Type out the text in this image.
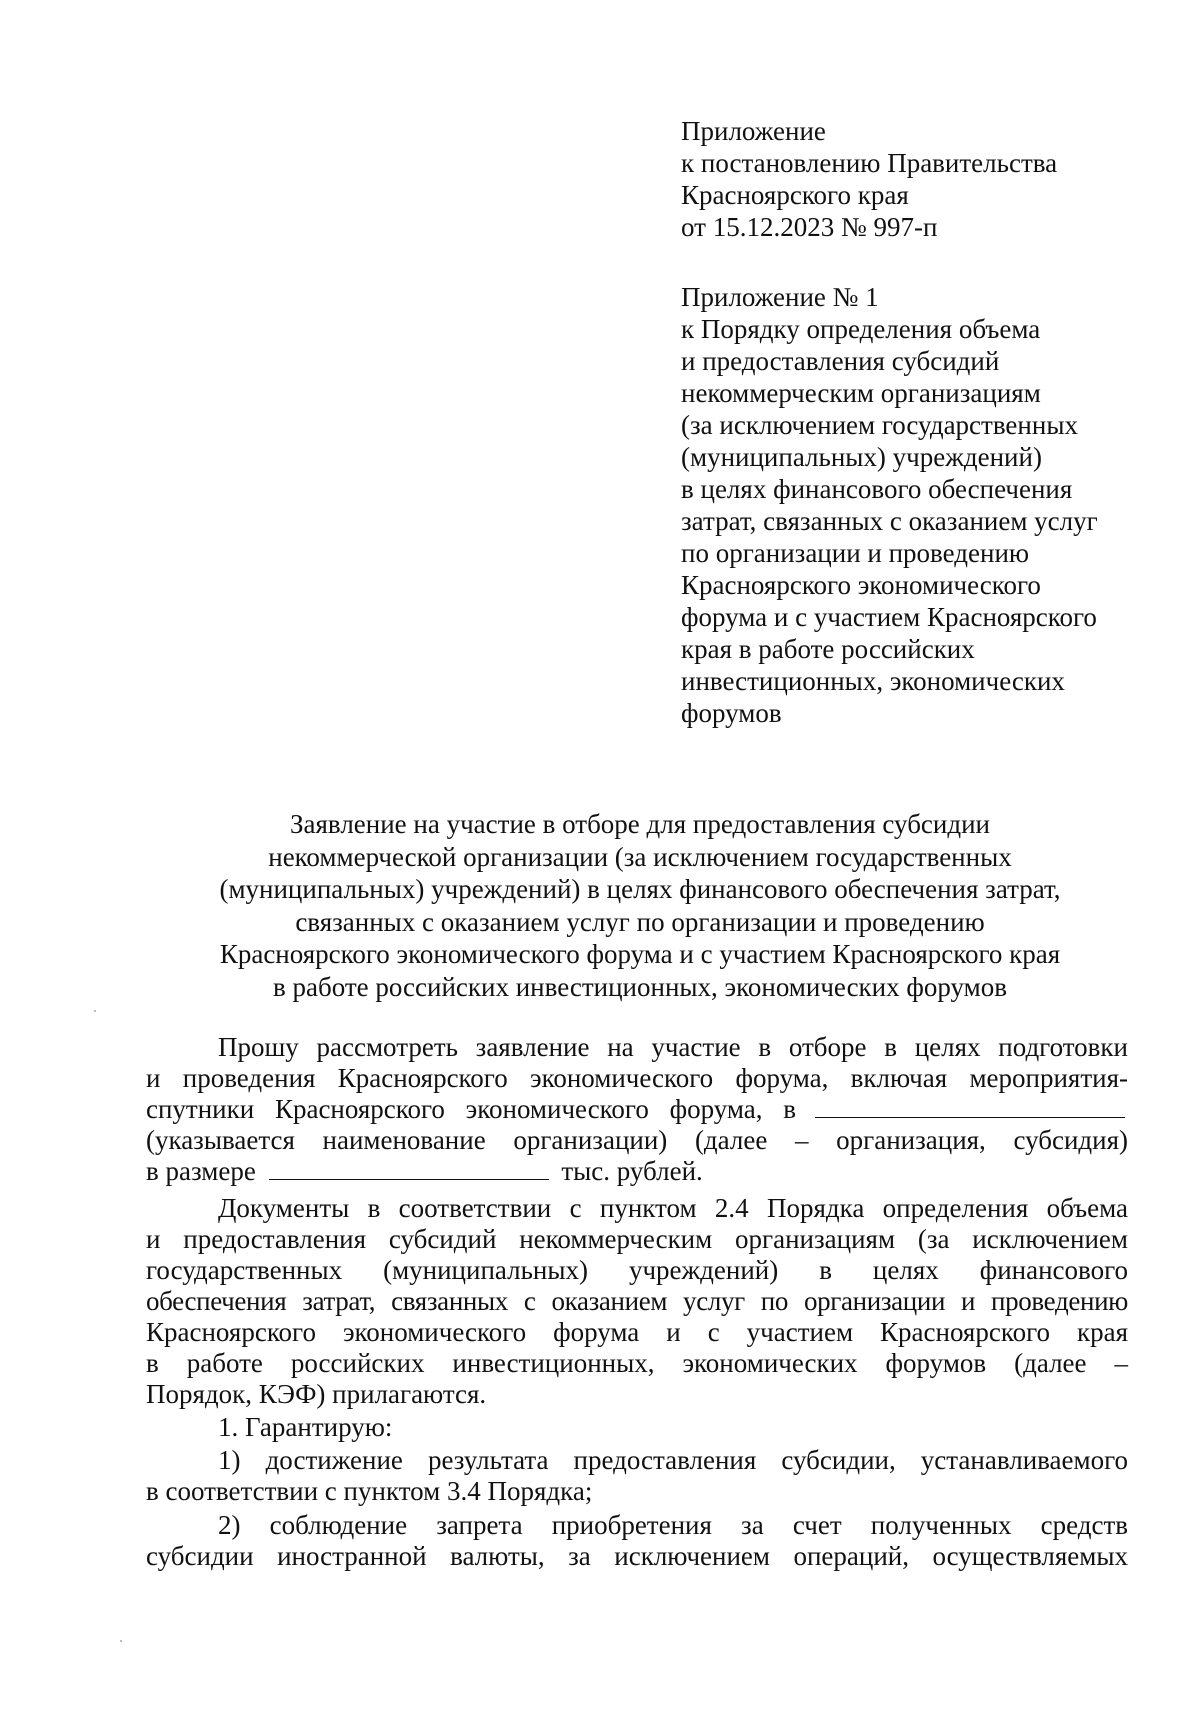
Приложение
к постановлению Правительства
Красноярского края
от 15.12.2023 № 997-п
Приложение № 1
к Порядку определения объема
и предоставления субсидий
некоммерческим организациям
(за исключением государственных
(муниципальных) учреждений)
в целях финансового обеспечения
затрат, связанных с оказанием услуг
по организации и проведению
Красноярского экономического
форума и с участием Красноярского
края в работе российских
инвестиционных, экономических
форумов
Заявление на участие в отборе для предоставления субсидии
некоммерческой организации (за исключением государственных
(муниципальных) учреждений) в целях финансового обеспечения затрат,
связанных с оказанием услуг по организации и проведению
Красноярского экономического форума и с участием Красноярского края
в работе российских инвестиционных, экономических форумов
Прошу рассмотреть заявление на участие в отборе в целях подготовки
и проведения Красноярского экономического форума, включая мероприятия-
спутники Красноярского экономического форума, в
(указывается наименование организации) (далее – организация, субсидия)
в размере	тыс. рублей.
Документы в соответствии с пунктом 2.4 Порядка определения объема
и предоставления субсидий некоммерческим организациям (за исключением
государственных (муниципальных) учреждений) в целях финансового
обеспечения затрат, связанных с оказанием услуг по организации и проведению
Красноярского экономического форума и с участием Красноярского края
в работе российских инвестиционных, экономических форумов (далее –
Порядок, КЭФ) прилагаются.
1. Гарантирую:
1) достижение результата предоставления субсидии, устанавливаемого
в соответствии с пунктом 3.4 Порядка;
2) соблюдение запрета приобретения за счет полученных средств
субсидии иностранной валюты, за исключением операций, осуществляемых
